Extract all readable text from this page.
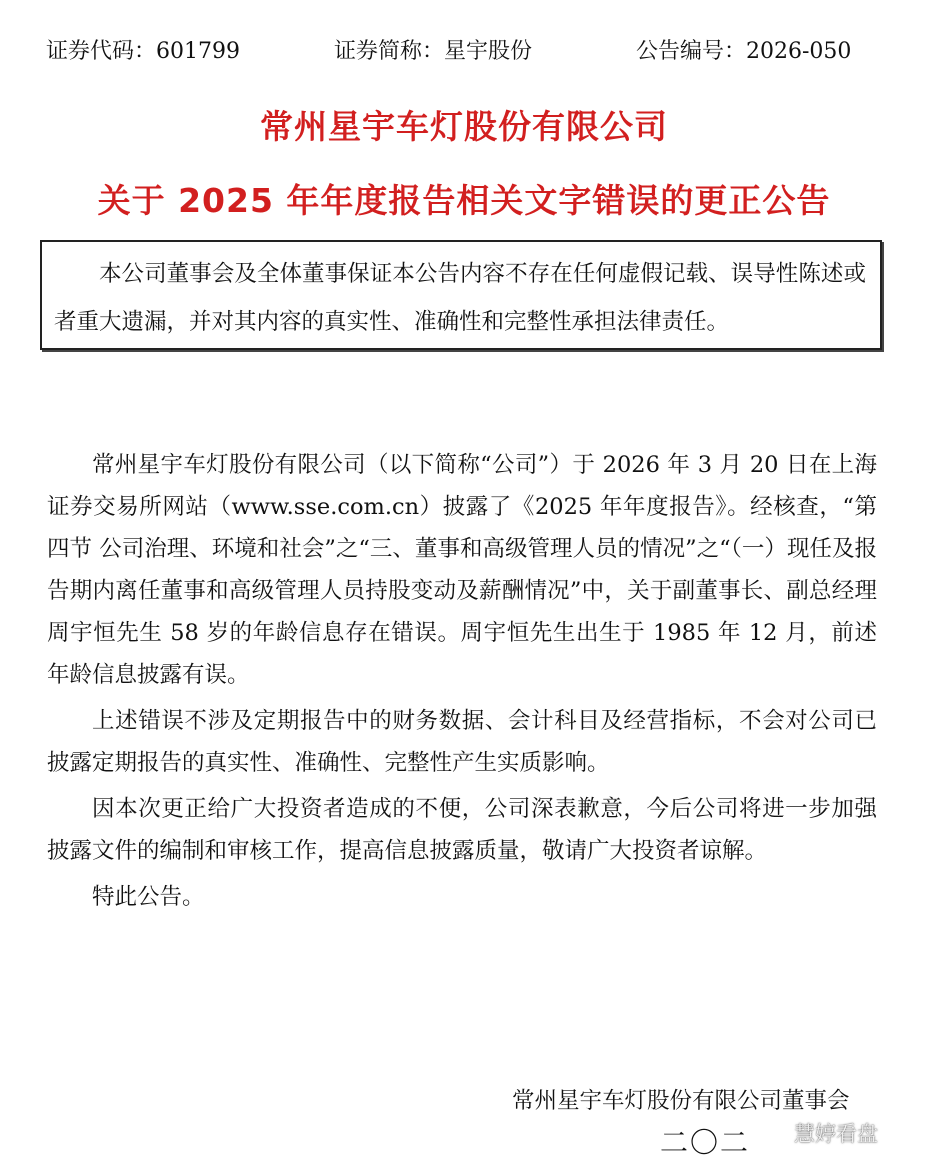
证券代码：601799	证券简称：星宇股份	公告编号：2026-050
常州星宇车灯股份有限公司
关于 2025 年年度报告相关文字错误的更正公告
本公司董事会及全体董事保证本公告内容不存在任何虚假记载、误导性陈述或者重大遗漏，并对其内容的真实性、准确性和完整性承担法律责任。

常州星宇车灯股份有限公司（以下简称“公司”）于 2026 年 3 月 20 日在上海证券交易所网站（www.sse.com.cn）披露了《2025 年年度报告》。经核查，“第四节 公司治理、环境和社会”之“三、董事和高级管理人员的情况”之“（一）现任及报告期内离任董事和高级管理人员持股变动及薪酬情况”中，关于副董事长、副总经理周宇恒先生 58 岁的年龄信息存在错误。周宇恒先生出生于 1985 年 12 月，前述年龄信息披露有误。

上述错误不涉及定期报告中的财务数据、会计科目及经营指标，不会对公司已披露定期报告的真实性、准确性、完整性产生实质影响。

因本次更正给广大投资者造成的不便，公司深表歉意，今后公司将进一步加强披露文件的编制和审核工作，提高信息披露质量，敬请广大投资者谅解。

特此公告。

常州星宇车灯股份有限公司董事会
二〇二 慧婷看盘
